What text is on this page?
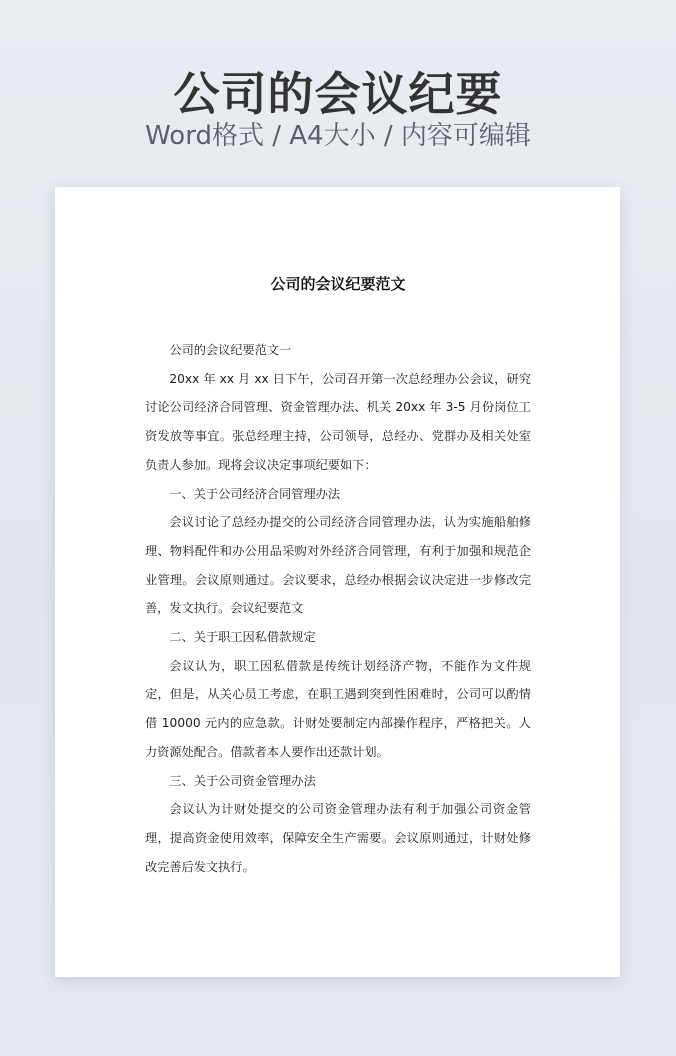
公司的会议纪要
Word格式 / A4大小 / 内容可编辑
公司的会议纪要范文

公司的会议纪要范文一

20xx 年 xx 月 xx 日下午，公司召开第一次总经理办公会议，研究讨论公司经济合同管理、资金管理办法、机关 20xx 年 3-5 月份岗位工资发放等事宜。张总经理主持，公司领导，总经办、党群办及相关处室负责人参加。现将会议决定事项纪要如下：

一、关于公司经济合同管理办法

会议讨论了总经办提交的公司经济合同管理办法，认为实施船舶修理、物料配件和办公用品采购对外经济合同管理，有利于加强和规范企业管理。会议原则通过。会议要求，总经办根据会议决定进一步修改完善，发文执行。会议纪要范文

二、关于职工因私借款规定

会议认为，职工因私借款是传统计划经济产物，不能作为文件规定，但是，从关心员工考虑，在职工遇到突到性困难时，公司可以酌情借 10000 元内的应急款。计财处要制定内部操作程序，严格把关。人力资源处配合。借款者本人要作出还款计划。

三、关于公司资金管理办法

会议认为计财处提交的公司资金管理办法有利于加强公司资金管理，提高资金使用效率，保障安全生产需要。会议原则通过，计财处修改完善后发文执行。
